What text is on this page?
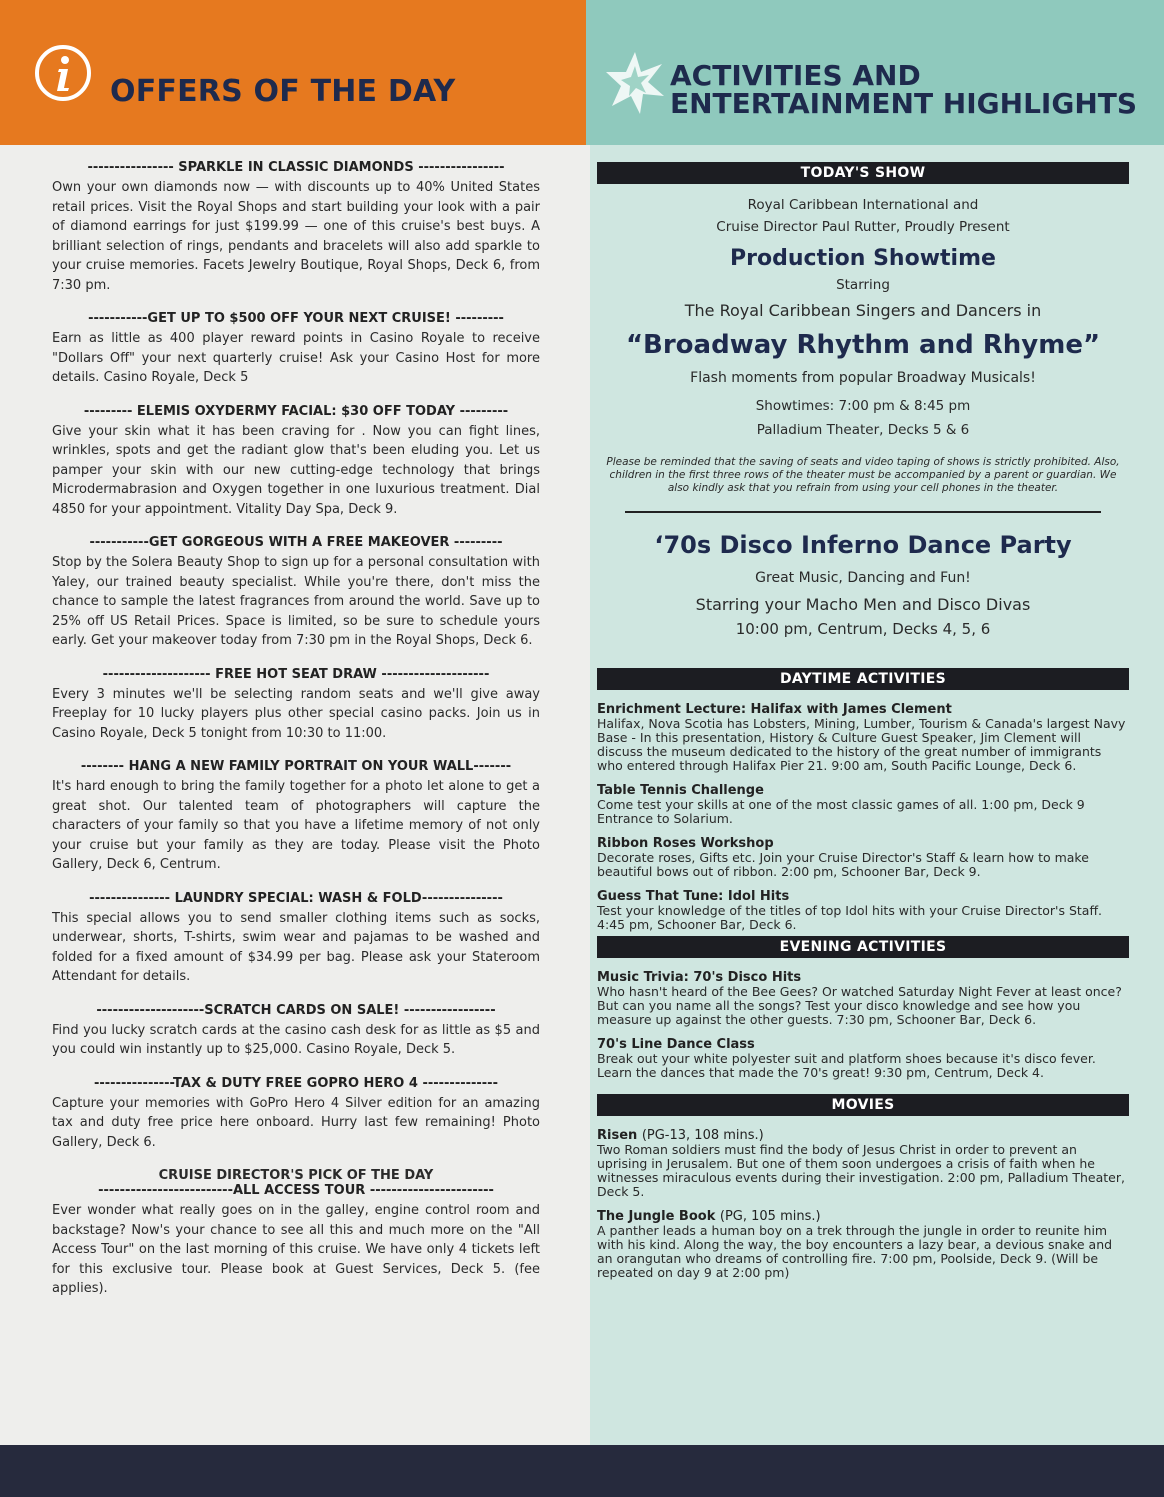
OFFERS OF THE DAY	ACTIVITIES AND
ENTERTAINMENT HIGHLIGHTS
---------------- SPARKLE IN CLASSIC DIAMONDS ----------------
Own your own diamonds now — with discounts up to 40% United States retail prices. Visit the Royal Shops and start building your look with a pair of diamond earrings for just $199.99 — one of this cruise's best buys. A brilliant selection of rings, pendants and bracelets will also add sparkle to your cruise memories. Facets Jewelry Boutique, Royal Shops, Deck 6, from 7:30 pm.
-----------GET UP TO $500 OFF YOUR NEXT CRUISE! ---------
Earn as little as 400 player reward points in Casino Royale to receive "Dollars Off" your next quarterly cruise! Ask your Casino Host for more details. Casino Royale, Deck 5
--------- ELEMIS OXYDERMY FACIAL: $30 OFF TODAY ---------
Give your skin what it has been craving for . Now you can fight lines, wrinkles, spots and get the radiant glow that's been eluding you. Let us pamper your skin with our new cutting-edge technology that brings Microdermabrasion and Oxygen together in one luxurious treatment. Dial 4850 for your appointment. Vitality Day Spa, Deck 9.
-----------GET GORGEOUS WITH A FREE MAKEOVER ---------
Stop by the Solera Beauty Shop to sign up for a personal consultation with Yaley, our trained beauty specialist. While you're there, don't miss the chance to sample the latest fragrances from around the world. Save up to 25% off US Retail Prices. Space is limited, so be sure to schedule yours early. Get your makeover today from 7:30 pm in the Royal Shops, Deck 6.
-------------------- FREE HOT SEAT DRAW --------------------
Every 3 minutes we'll be selecting random seats and we'll give away Freeplay for 10 lucky players plus other special casino packs. Join us in Casino Royale, Deck 5 tonight from 10:30 to 11:00.
-------- HANG A NEW FAMILY PORTRAIT ON YOUR WALL-------
It's hard enough to bring the family together for a photo let alone to get a great shot. Our talented team of photographers will capture the characters of your family so that you have a lifetime memory of not only your cruise but your family as they are today. Please visit the Photo Gallery, Deck 6, Centrum.
--------------- LAUNDRY SPECIAL: WASH & FOLD---------------
This special allows you to send smaller clothing items such as socks, underwear, shorts, T-shirts, swim wear and pajamas to be washed and folded for a fixed amount of $34.99 per bag. Please ask your Stateroom Attendant for details.
--------------------SCRATCH CARDS ON SALE! -----------------
Find you lucky scratch cards at the casino cash desk for as little as $5 and you could win instantly up to $25,000. Casino Royale, Deck 5.
---------------TAX & DUTY FREE GOPRO HERO 4 --------------
Capture your memories with GoPro Hero 4 Silver edition for an amazing tax and duty free price here onboard. Hurry last few remaining! Photo Gallery, Deck 6.
CRUISE DIRECTOR'S PICK OF THE DAY
-------------------------ALL ACCESS TOUR -----------------------
Ever wonder what really goes on in the galley, engine control room and backstage? Now's your chance to see all this and much more on the "All Access Tour" on the last morning of this cruise. We have only 4 tickets left for this exclusive tour. Please book at Guest Services, Deck 5. (fee applies).
TODAY'S SHOW
Royal Caribbean International and
Cruise Director Paul Rutter, Proudly Present
Production Showtime
Starring
The Royal Caribbean Singers and Dancers in
“Broadway Rhythm and Rhyme”
Flash moments from popular Broadway Musicals!
Showtimes: 7:00 pm & 8:45 pm
Palladium Theater, Decks 5 & 6
Please be reminded that the saving of seats and video taping of shows is strictly prohibited. Also, children in the first three rows of the theater must be accompanied by a parent or guardian. We also kindly ask that you refrain from using your cell phones in the theater.
‘70s Disco Inferno Dance Party
Great Music, Dancing and Fun!
Starring your Macho Men and Disco Divas
10:00 pm, Centrum, Decks 4, 5, 6
DAYTIME ACTIVITIES
Enrichment Lecture: Halifax with James Clement
Halifax, Nova Scotia has Lobsters, Mining, Lumber, Tourism & Canada's largest Navy Base - In this presentation, History & Culture Guest Speaker, Jim Clement will discuss the museum dedicated to the history of the great number of immigrants who entered through Halifax Pier 21. 9:00 am, South Pacific Lounge, Deck 6.
Table Tennis Challenge
Come test your skills at one of the most classic games of all. 1:00 pm, Deck 9 Entrance to Solarium.
Ribbon Roses Workshop
Decorate roses, Gifts etc. Join your Cruise Director's Staff & learn how to make beautiful bows out of ribbon. 2:00 pm, Schooner Bar, Deck 9.
Guess That Tune: Idol Hits
Test your knowledge of the titles of top Idol hits with your Cruise Director's Staff. 4:45 pm, Schooner Bar, Deck 6.
EVENING ACTIVITIES
Music Trivia: 70's Disco Hits
Who hasn't heard of the Bee Gees? Or watched Saturday Night Fever at least once? But can you name all the songs? Test your disco knowledge and see how you measure up against the other guests. 7:30 pm, Schooner Bar, Deck 6.
70's Line Dance Class
Break out your white polyester suit and platform shoes because it's disco fever. Learn the dances that made the 70's great! 9:30 pm, Centrum, Deck 4.
MOVIES
Risen (PG-13, 108 mins.)
Two Roman soldiers must find the body of Jesus Christ in order to prevent an uprising in Jerusalem. But one of them soon undergoes a crisis of faith when he witnesses miraculous events during their investigation. 2:00 pm, Palladium Theater, Deck 5.
The Jungle Book (PG, 105 mins.)
A panther leads a human boy on a trek through the jungle in order to reunite him with his kind. Along the way, the boy encounters a lazy bear, a devious snake and an orangutan who dreams of controlling fire. 7:00 pm, Poolside, Deck 9. (Will be repeated on day 9 at 2:00 pm)
